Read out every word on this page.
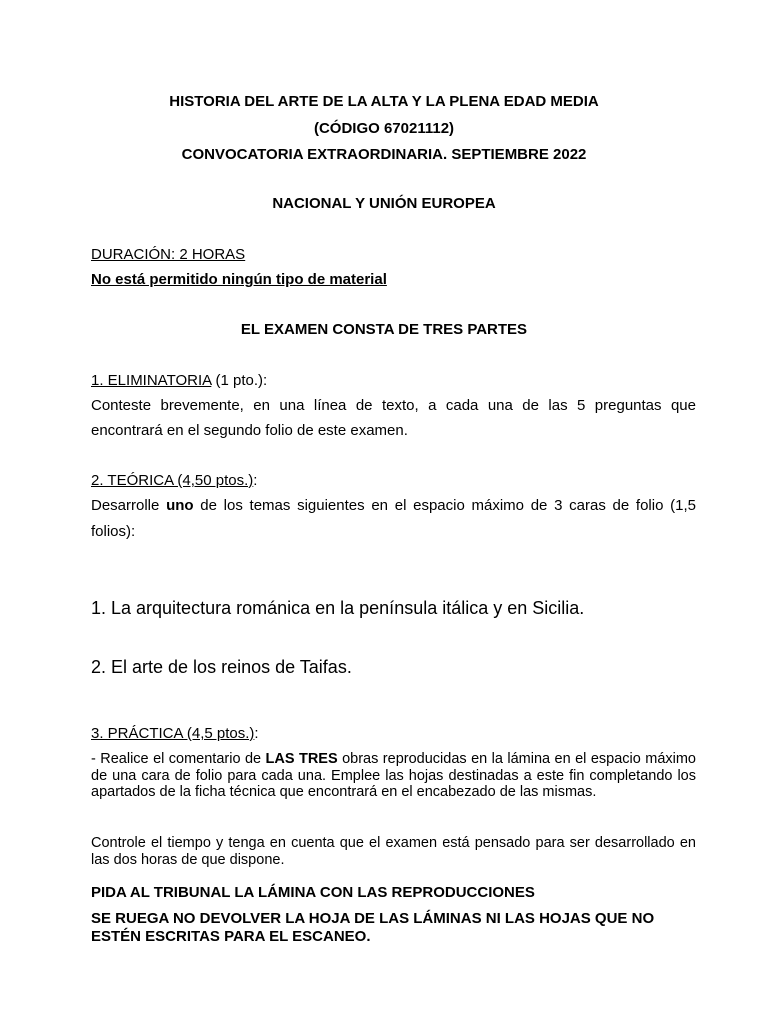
HISTORIA DEL ARTE DE LA ALTA Y LA PLENA EDAD MEDIA
(CÓDIGO 67021112)
CONVOCATORIA EXTRAORDINARIA. SEPTIEMBRE 2022
NACIONAL Y UNIÓN EUROPEA
DURACIÓN: 2 HORAS
No está permitido ningún tipo de material
EL EXAMEN CONSTA DE TRES PARTES
1. ELIMINATORIA (1 pto.):
Conteste brevemente, en una línea de texto, a cada una de las 5 preguntas que
encontrará en el segundo folio de este examen.
2. TEÓRICA (4,50 ptos.):
Desarrolle uno de los temas siguientes en el espacio máximo de 3 caras de folio (1,5
folios):
1. La arquitectura románica en la península itálica y en Sicilia.
2. El arte de los reinos de Taifas.
3. PRÁCTICA (4,5 ptos.):
- Realice el comentario de LAS TRES obras reproducidas en la lámina en el espacio máximo de una cara de folio para cada una. Emplee las hojas destinadas a este fin completando los apartados de la ficha técnica que encontrará en el encabezado de las mismas.
Controle el tiempo y tenga en cuenta que el examen está pensado para ser desarrollado en las dos horas de que dispone.
PIDA AL TRIBUNAL LA LÁMINA CON LAS REPRODUCCIONES
SE RUEGA NO DEVOLVER LA HOJA DE LAS LÁMINAS NI LAS HOJAS QUE NO ESTÉN ESCRITAS PARA EL ESCANEO.
